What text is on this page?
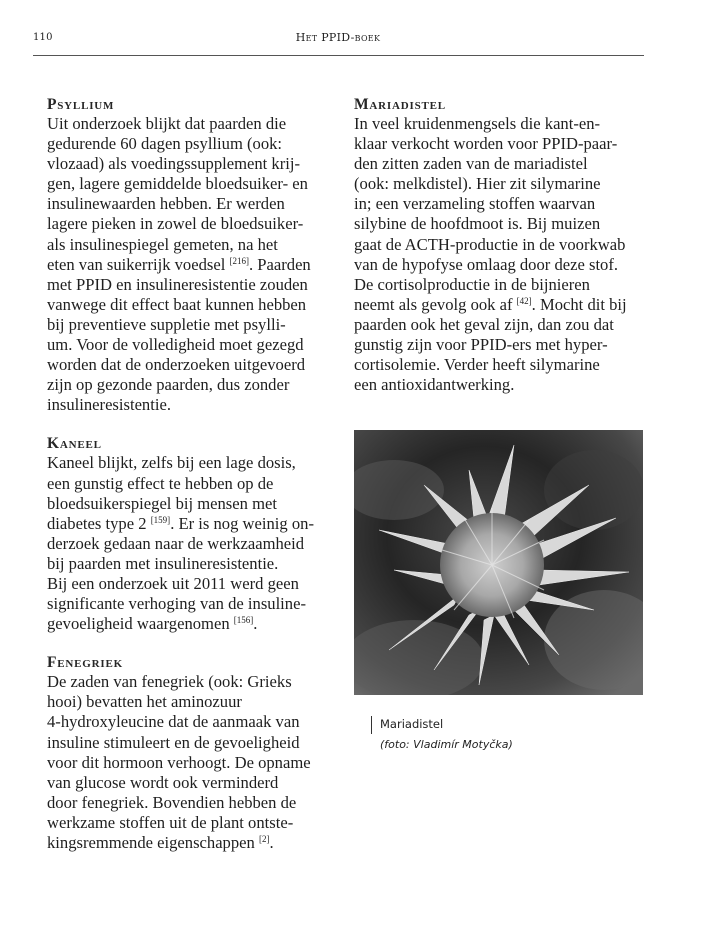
110	Het PPID-boek
Psyllium

Uit onderzoek blijkt dat paarden die
gedurende 60 dagen psyllium (ook:
vlozaad) als voedingssupplement krij-
gen, lagere gemiddelde bloedsuiker- en
insulinewaarden hebben. Er werden
lagere pieken in zowel de bloedsuiker-
als insulinespiegel gemeten, na het
eten van suikerrijk voedsel [216]. Paarden
met PPID en insulineresistentie zouden
vanwege dit effect baat kunnen hebben
bij preventieve suppletie met psylli-
um. Voor de volledigheid moet gezegd
worden dat de onderzoeken uitgevoerd
zijn op gezonde paarden, dus zonder
insulineresistentie.

Kaneel

Kaneel blijkt, zelfs bij een lage dosis,
een gunstig effect te hebben op de
bloedsuikerspiegel bij mensen met
diabetes type 2 [159]. Er is nog weinig on-
derzoek gedaan naar de werkzaamheid
bij paarden met insulineresistentie.
Bij een onderzoek uit 2011 werd geen
significante verhoging van de insuline-
gevoeligheid waargenomen [156].

Fenegriek

De zaden van fenegriek (ook: Grieks
hooi) bevatten het aminozuur
4-hydroxyleucine dat de aanmaak van
insuline stimuleert en de gevoeligheid
voor dit hormoon verhoogt. De opname
van glucose wordt ook verminderd
door fenegriek. Bovendien hebben de
werkzame stoffen uit de plant ontste-
kingsremmende eigenschappen [2].

Mariadistel

In veel kruidenmengsels die kant-en-
klaar verkocht worden voor PPID-paar-
den zitten zaden van de mariadistel
(ook: melkdistel). Hier zit silymarine
in; een verzameling stoffen waarvan
silybine de hoofdmoot is. Bij muizen
gaat de ACTH-productie in de voorkwab
van de hypofyse omlaag door deze stof.
De cortisolproductie in de bijnieren
neemt als gevolg ook af [42]. Mocht dit bij
paarden ook het geval zijn, dan zou dat
gunstig zijn voor PPID-ers met hyper-
cortisolemie. Verder heeft silymarine
een antioxidantwerking.

Mariadistel
(foto: Vladimír Motyčka)
